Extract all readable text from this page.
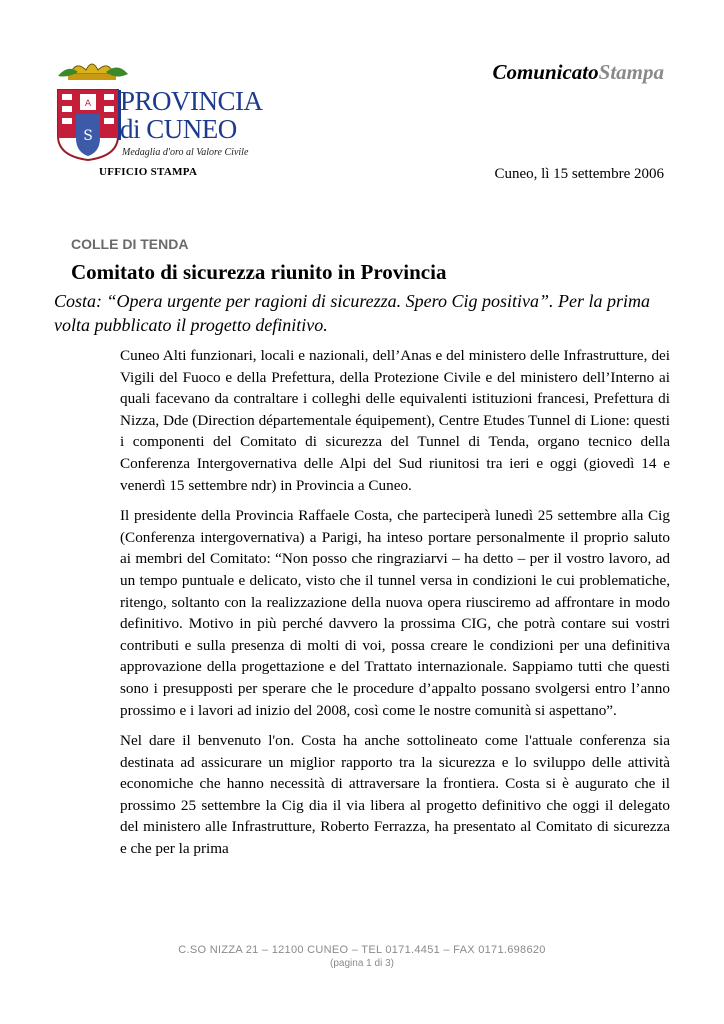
A
S
PROVINCIA
di CUNEO
Medaglia d'oro al Valore Civile
UFFICIO STAMPA
ComunicatoStampa
Cuneo, lì 15 settembre 2006
COLLE DI TENDA
Comitato di sicurezza riunito in Provincia
Costa: “Opera urgente per ragioni di sicurezza. Spero Cig positiva”. Per la prima volta pubblicato il progetto definitivo.

Cuneo Alti funzionari, locali e nazionali, dell’Anas e del ministero delle Infrastrutture, dei Vigili del Fuoco e della Prefettura, della Protezione Civile e del ministero dell’Interno ai quali facevano da contraltare i colleghi delle equivalenti istituzioni francesi, Prefettura di Nizza, Dde (Direction départementale équipement), Centre Etudes Tunnel di Lione: questi i componenti del Comitato di sicurezza del Tunnel di Tenda, organo tecnico della Conferenza Intergovernativa delle Alpi del Sud riunitosi tra ieri e oggi (giovedì 14 e venerdì 15 settembre ndr) in Provincia a Cuneo.

Il presidente della Provincia Raffaele Costa, che parteciperà lunedì 25 settembre alla Cig (Conferenza intergovernativa) a Parigi, ha inteso portare personalmente il proprio saluto ai membri del Comitato: “Non posso che ringraziarvi – ha detto – per il vostro lavoro, ad un tempo puntuale e delicato, visto che il tunnel versa in condizioni le cui problematiche, ritengo, soltanto con la realizzazione della nuova opera riusciremo ad affrontare in modo definitivo. Motivo in più perché davvero la prossima CIG, che potrà contare sui vostri contributi e sulla presenza di molti di voi, possa creare le condizioni per una definitiva approvazione della progettazione e del Trattato internazionale. Sappiamo tutti che questi sono i presupposti per sperare che le procedure d’appalto possano svolgersi entro l’anno prossimo e i lavori ad inizio del 2008, così come le nostre comunità si aspettano”.

Nel dare il benvenuto l'on. Costa ha anche sottolineato come l'attuale conferenza sia destinata ad assicurare un miglior rapporto tra la sicurezza e lo sviluppo delle attività economiche che hanno necessità di attraversare la frontiera. Costa si è augurato che il prossimo 25 settembre la Cig dia il via libera al progetto definitivo che oggi il delegato del ministero alle Infrastrutture, Roberto Ferrazza, ha presentato al Comitato di sicurezza e che per la prima

C.SO NIZZA 21 – 12100 CUNEO – TEL 0171.4451 – FAX 0171.698620
(pagina 1 di 3)
